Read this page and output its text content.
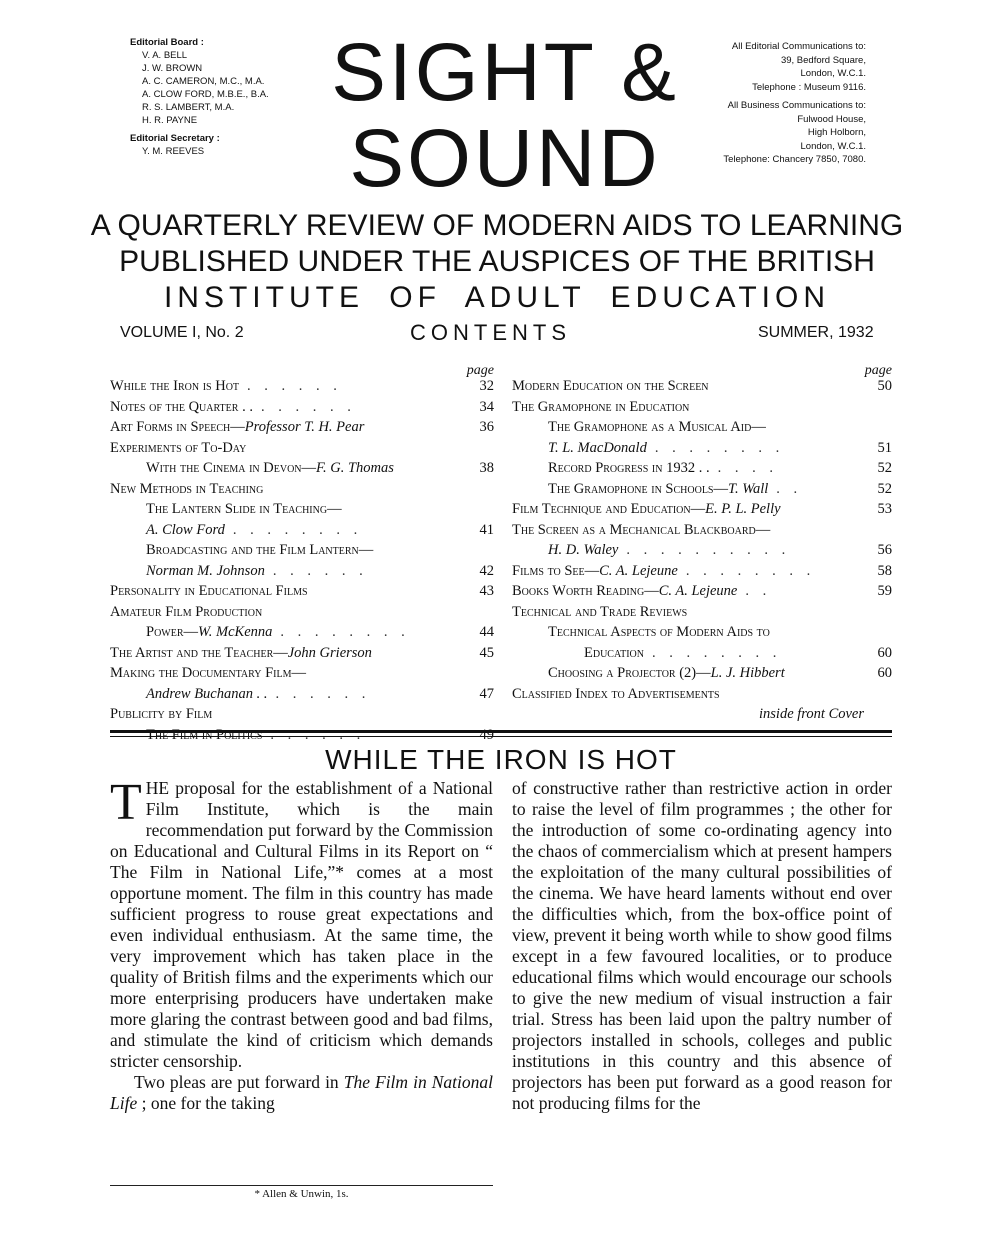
Editorial Board :
V. A. BELL
J. W. BROWN
A. C. CAMERON, M.C., M.A.
A. CLOW FORD, M.B.E., B.A.
R. S. LAMBERT, M.A.
H. R. PAYNE
Editorial Secretary :
Y. M. REEVES
SIGHT &
SOUND
All Editorial Communications to:
39, Bedford Square,
London, W.C.1.
Telephone : Museum 9116.
All Business Communications to:
Fulwood House,
High Holborn,
London, W.C.1.
Telephone: Chancery 7850, 7080.
A QUARTERLY REVIEW OF MODERN AIDS TO LEARNING
PUBLISHED UNDER THE AUSPICES OF THE BRITISH
INSTITUTE OF ADULT EDUCATION
VOLUME I, No. 2	CONTENTS	SUMMER, 1932
page
While the Iron is Hot . . . . . .	32
Notes of the Quarter . . . . . . . .	34
Art Forms in Speech—Professor T. H. Pear	36
Experiments of To-Day
With the Cinema in Devon—F. G. Thomas	38
New Methods in Teaching
The Lantern Slide in Teaching—
A. Clow Ford . . . . . . . .	41
Broadcasting and the Film Lantern—
Norman M. Johnson . . . . . .	42
Personality in Educational Films	43
Amateur Film Production
Power—W. McKenna . . . . . . . .	44
The Artist and the Teacher—John Grierson	45
Making the Documentary Film—
Andrew Buchanan . . . . . . . .	47
Publicity by Film
The Film in Politics . . . . . .	49
page
Modern Education on the Screen	50
The Gramophone in Education
The Gramophone as a Musical Aid—
T. L. MacDonald . . . . . . . .	51
Record Progress in 1932 . . . . . .	52
The Gramophone in Schools—T. Wall . .	52
Film Technique and Education—E. P. L. Pelly	53
The Screen as a Mechanical Blackboard—
H. D. Waley . . . . . . . . . .	56
Films to See—C. A. Lejeune . . . . . . . .	58
Books Worth Reading—C. A. Lejeune . .	59
Technical and Trade Reviews
Technical Aspects of Modern Aids to
Education . . . . . . . .	60
Choosing a Projector (2)—L. J. Hibbert	60
Classified Index to Advertisements
inside front Cover
WHILE THE IRON IS HOT

THE proposal for the establishment of a National Film Institute, which is the main recommendation put forward by the Commission on Educational and Cultural Films in its Report on “ The Film in National Life,”* comes at a most opportune moment. The film in this country has made sufficient progress to rouse great expectations and even individual enthusiasm. At the same time, the very improvement which has taken place in the quality of British films and the experiments which our more enterprising producers have undertaken make more glaring the contrast between good and bad films, and stimulate the kind of criticism which demands stricter censorship.

Two pleas are put forward in The Film in National Life ; one for the taking

of constructive rather than restrictive action in order to raise the level of film programmes ; the other for the introduction of some co-ordinating agency into the chaos of commercialism which at present hampers the exploitation of the many cultural possibilities of the cinema. We have heard laments without end over the difficulties which, from the box-office point of view, prevent it being worth while to show good films except in a few favoured localities, or to produce educational films which would encourage our schools to give the new medium of visual instruction a fair trial. Stress has been laid upon the paltry number of projectors installed in schools, colleges and public institutions in this country and this absence of projectors has been put forward as a good reason for not producing films for the

* Allen & Unwin, 1s.
